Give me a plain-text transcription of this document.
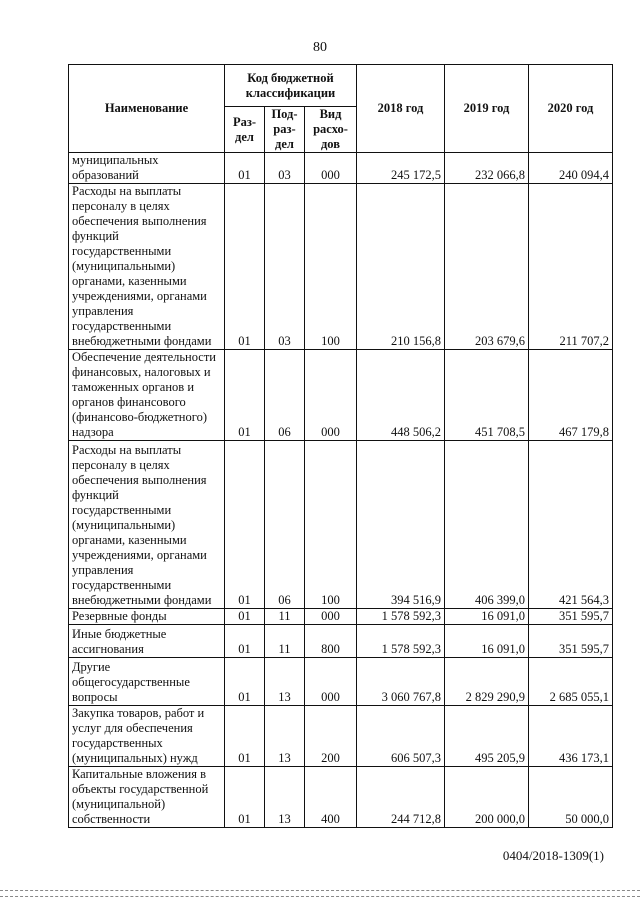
80
Наименование	Код бюджетной классификации			2018 год	2019 год	2020 год
	Раз-дел	Под-раз-дел	Вид расхо-дов			
муниципальных образований	01	03	000	245 172,5	232 066,8	240 094,4
Расходы на выплаты персоналу в целях обеспечения выполнения функций государственными (муниципальными) органами, казенными учреждениями, органами управления государственными внебюджетными фондами	01	03	100	210 156,8	203 679,6	211 707,2
Обеспечение деятельности финансовых, налоговых и таможенных органов и органов финансового (финансово-бюджетного) надзора	01	06	000	448 506,2	451 708,5	467 179,8
Расходы на выплаты персоналу в целях обеспечения выполнения функций государственными (муниципальными) органами, казенными учреждениями, органами управления государственными внебюджетными фондами	01	06	100	394 516,9	406 399,0	421 564,3
Резервные фонды	01	11	000	1 578 592,3	16 091,0	351 595,7
Иные бюджетные ассигнования	01	11	800	1 578 592,3	16 091,0	351 595,7
Другие общегосударственные вопросы	01	13	000	3 060 767,8	2 829 290,9	2 685 055,1
Закупка товаров, работ и услуг для обеспечения государственных (муниципальных) нужд	01	13	200	606 507,3	495 205,9	436 173,1
Капитальные вложения в объекты государственной (муниципальной) собственности	01	13	400	244 712,8	200 000,0	50 000,0
0404/2018-1309(1)
